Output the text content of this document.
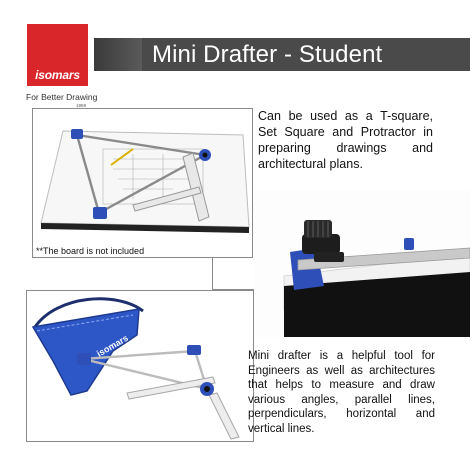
isomars
For Better Drawing
1959
Mini Drafter - Student
**The board is not included
Can be used as a T-square, Set Square and Protractor in preparing drawings and architectural plans.
isomars	Mini drafter is a helpful tool for Engineers as well as architectures that helps to measure and draw various angles, parallel lines, perpendiculars, horizontal and vertical lines.
